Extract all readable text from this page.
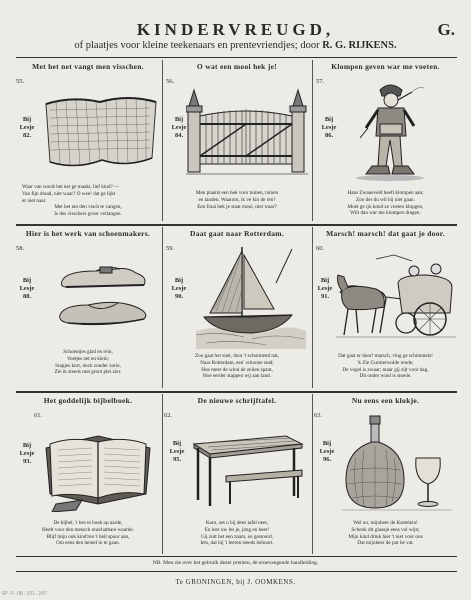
KINDERVREUGD,	G.
of plaatjes voor kleine teekenaars en prentevriendjes; door R. G. RIJKENS.
Met het net vangt men visschen.
55.
Bij
Lesje
82.
Waar van wordt het net ge maakt, lief kind? —
Van fijn draad, niet waar? O wee! dat ge lijkt
er niet naar.
Met het net den visch te vangen,
Is des visschers groot verlangen.
O wat een mooi hek je!
56.
Bij
Lesje
84.
Men plaatst een hek voor tuinen, tuinen
en landen. Waarom, ik ve kin de ren?
Een fraai hek je staat mooi, niet waar?
Klompen geven war me voeten.
57.
Bij
Lesje
86.
Hans Zwaneveld heeft klompen aan;
Zoo der du wil hij niet gaan.
Moet ge ijn kond ze voeten klopgen,
Wilt dan war me klompen dragen.
Hier is het werk van schoenmakers.
58.
Bij
Lesje
88.
Schoentjes glad en rein,
Voetjes net en klein;
Stapjes kort, doch zonder zorie,
Zie ik steeds met groot plei zier.
Daat gaat naar Rotterdam.
59.
Bij
Lesje
90.
Zoo gaat het snel, door 't schuimend nat,
Naar Rotterdam, een' schoone stad;
Hoe meer de wind de zeilen spant,
Hoe eerder stappen wij aan land.
Marsch! marsch! dat gaat je door.
60.
Bij
Lesje
91.
Dat gaat er door! marsch, vlug ge schimmels!
'k Zie Gurmerwolde rende;
De vogel is zwaar; maar gij zijt voor dag,
Dit onder wind is stoede.
Het goddelijk bijbelboek.
61.
Bij
Lesje
93.
De bijbel, 't bes te boek op aarde,
Heeft voor den mensch onschatbare waarde.
Blijf mijn ook kind'ren 't heil spoor aan,
Om eens den hemel in te gaan.
De nieuwe schrijftafel.
62.
Bij
Lesje
95.
Kom, zet u bij deez tafel neer,
En leer uw les je, jong en heer!
Gij zult het een zaam, en gestoord,
Iets, dat bij 't leeren steeds behoort.
Nu eens een klokje.
63.
Bij
Lesje
96.
Wel nu, mijnheer de Kastelein!
Schenk dit glaasje eens vol wijn;
Mijn kind drink hier 't niet voor ons
Dat mijnheer de pot be vat.
NB. Men zie over het gebruik dezer prenten, de ernevangende handleiding.
Te GRONINGEN, bij J. OOMKENS.
RP-P-OB-201.247
